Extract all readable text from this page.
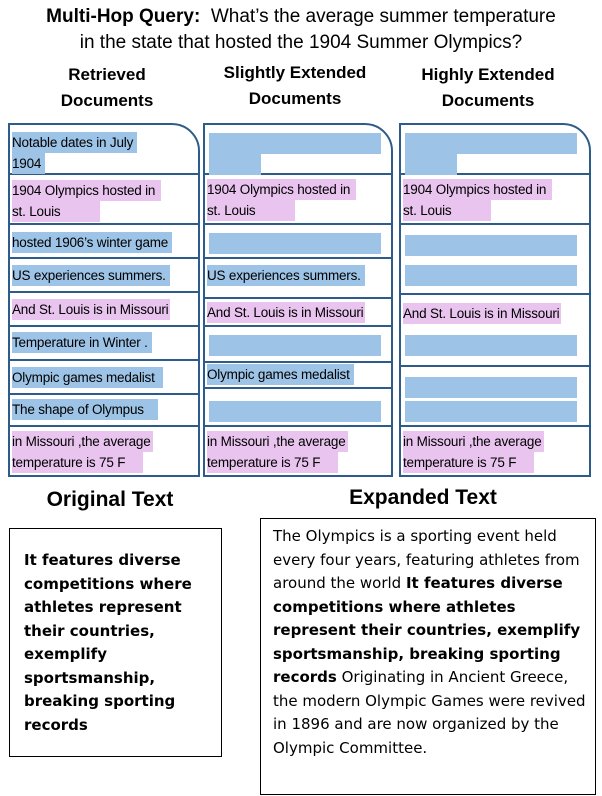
Multi-Hop Query: What’s the average summer temperature
in the state that hosted the 1904 Summer Olympics?
Retrieved
Documents
Slightly Extended
Documents
Highly Extended
Documents
Notable dates in July
1904
1904 Olympics hosted in
st. Louis
hosted 1906’s winter game
US experiences summers.
And St. Louis is in Missouri
Temperature in Winter .
Olympic games medalist
The shape of Olympus
in Missouri ,the average
temperature is 75 F
1904 Olympics hosted in
st. Louis
US experiences summers.
And St. Louis is in Missouri
Olympic games medalist
in Missouri ,the average
temperature is 75 F
1904 Olympics hosted in
st. Louis
And St. Louis is in Missouri
in Missouri ,the average
temperature is 75 F
Original Text	Expanded Text
It features diverse competitions where athletes represent their countries, exemplify sportsmanship, breaking sporting records
The Olympics is a sporting event held every four years, featuring athletes from around the world It features diverse competitions where athletes represent their countries, exemplify sportsmanship, breaking sporting records Originating in Ancient Greece, the modern Olympic Games were revived in 1896 and are now organized by the Olympic Committee.
